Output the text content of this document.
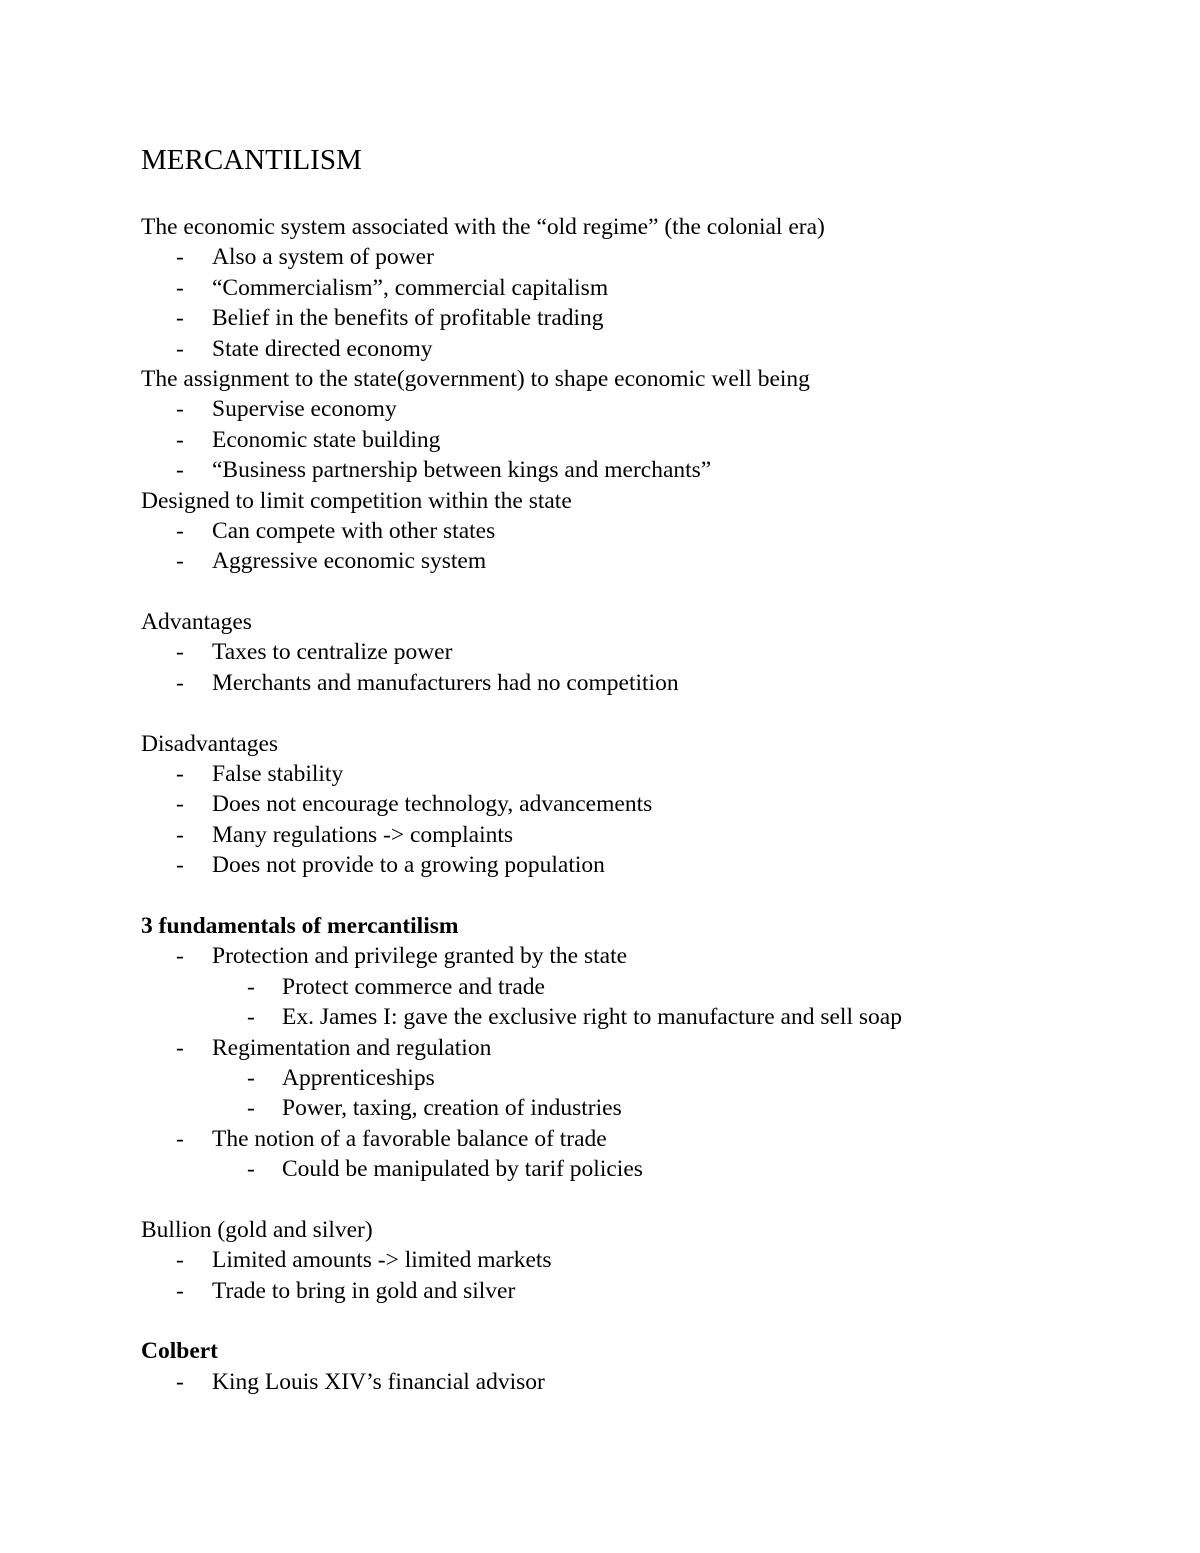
MERCANTILISM
The economic system associated with the “old regime” (the colonial era)
- Also a system of power
- “Commercialism”, commercial capitalism
- Belief in the benefits of profitable trading
- State directed economy
The assignment to the state(government) to shape economic well being
- Supervise economy
- Economic state building
- “Business partnership between kings and merchants”
Designed to limit competition within the state
- Can compete with other states
- Aggressive economic system
Advantages
- Taxes to centralize power
- Merchants and manufacturers had no competition
Disadvantages
- False stability
- Does not encourage technology, advancements
- Many regulations -> complaints
- Does not provide to a growing population
3 fundamentals of mercantilism
- Protection and privilege granted by the state
- Protect commerce and trade
- Ex. James I: gave the exclusive right to manufacture and sell soap
- Regimentation and regulation
- Apprenticeships
- Power, taxing, creation of industries
- The notion of a favorable balance of trade
- Could be manipulated by tarif policies
Bullion (gold and silver)
- Limited amounts -> limited markets
- Trade to bring in gold and silver
Colbert
- King Louis XIV’s financial advisor
